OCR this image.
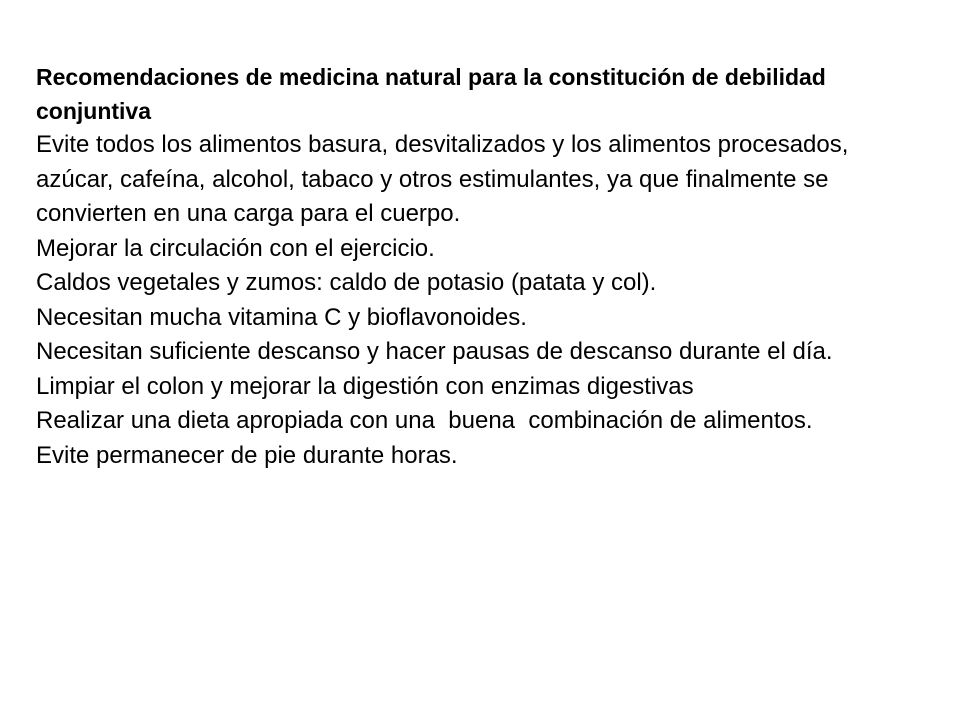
Recomendaciones de medicina natural para la constitución de debilidad conjuntiva

Evite todos los alimentos basura, desvitalizados y los alimentos procesados, azúcar, cafeína, alcohol, tabaco y otros estimulantes, ya que finalmente se convierten en una carga para el cuerpo.

Mejorar la circulación con el ejercicio.

Caldos vegetales y zumos: caldo de potasio (patata y col).

Necesitan mucha vitamina C y bioflavonoides.

Necesitan suficiente descanso y hacer pausas de descanso durante el día.

Limpiar el colon y mejorar la digestión con enzimas digestivas

Realizar una dieta apropiada con una  buena  combinación de alimentos.

Evite permanecer de pie durante horas.
